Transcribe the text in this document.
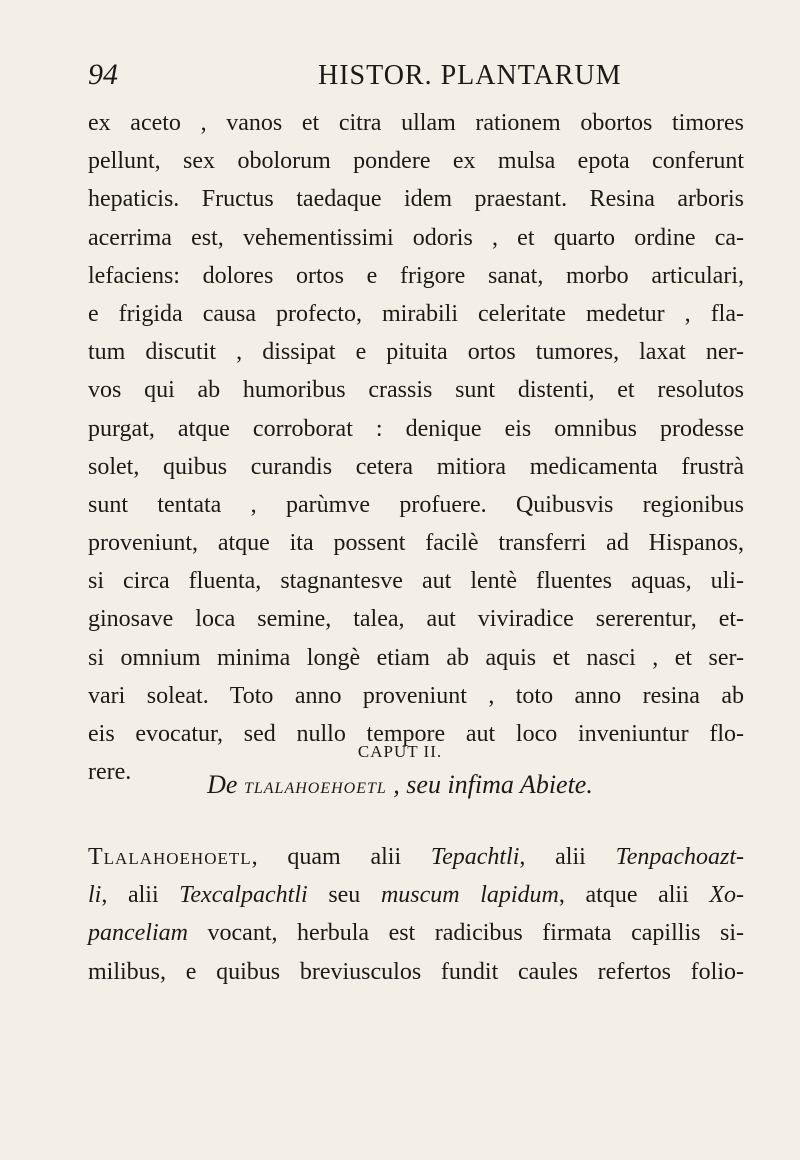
94	HISTOR. PLANTARUM
ex aceto , vanos et citra ullam rationem obortos timores
pellunt, sex obolorum pondere ex mulsa epota conferunt
hepaticis. Fructus taedaque idem praestant. Resina arboris
acerrima est, vehementissimi odoris , et quarto ordine ca-
lefaciens: dolores ortos e frigore sanat, morbo articulari,
e frigida causa profecto, mirabili celeritate medetur , fla-
tum discutit , dissipat e pituita ortos tumores, laxat ner-
vos qui ab humoribus crassis sunt distenti, et resolutos
purgat, atque corroborat : denique eis omnibus prodesse
solet, quibus curandis cetera mitiora medicamenta frustrà
sunt tentata , parùmve profuere. Quibusvis regionibus
proveniunt, atque ita possent facilè transferri ad Hispanos,
si circa fluenta, stagnantesve aut lentè fluentes aquas, uli-
ginosave loca semine, talea, aut viviradice sererentur, et-
si omnium minima longè etiam ab aquis et nasci , et ser-
vari soleat. Toto anno proveniunt , toto anno resina ab
eis evocatur, sed nullo tempore aut loco inveniuntur flo-
rere.
CAPUT II.
De TLALAHOEHOETL , seu infima Abiete.
Tlalahoehoetl, quam alii Tepachtli, alii Tenpachoazt-
li, alii Texcalpachtli seu muscum lapidum, atque alii Xo-
panceliam vocant, herbula est radicibus firmata capillis si-
milibus, e quibus breviusculos fundit caules refertos folio-
